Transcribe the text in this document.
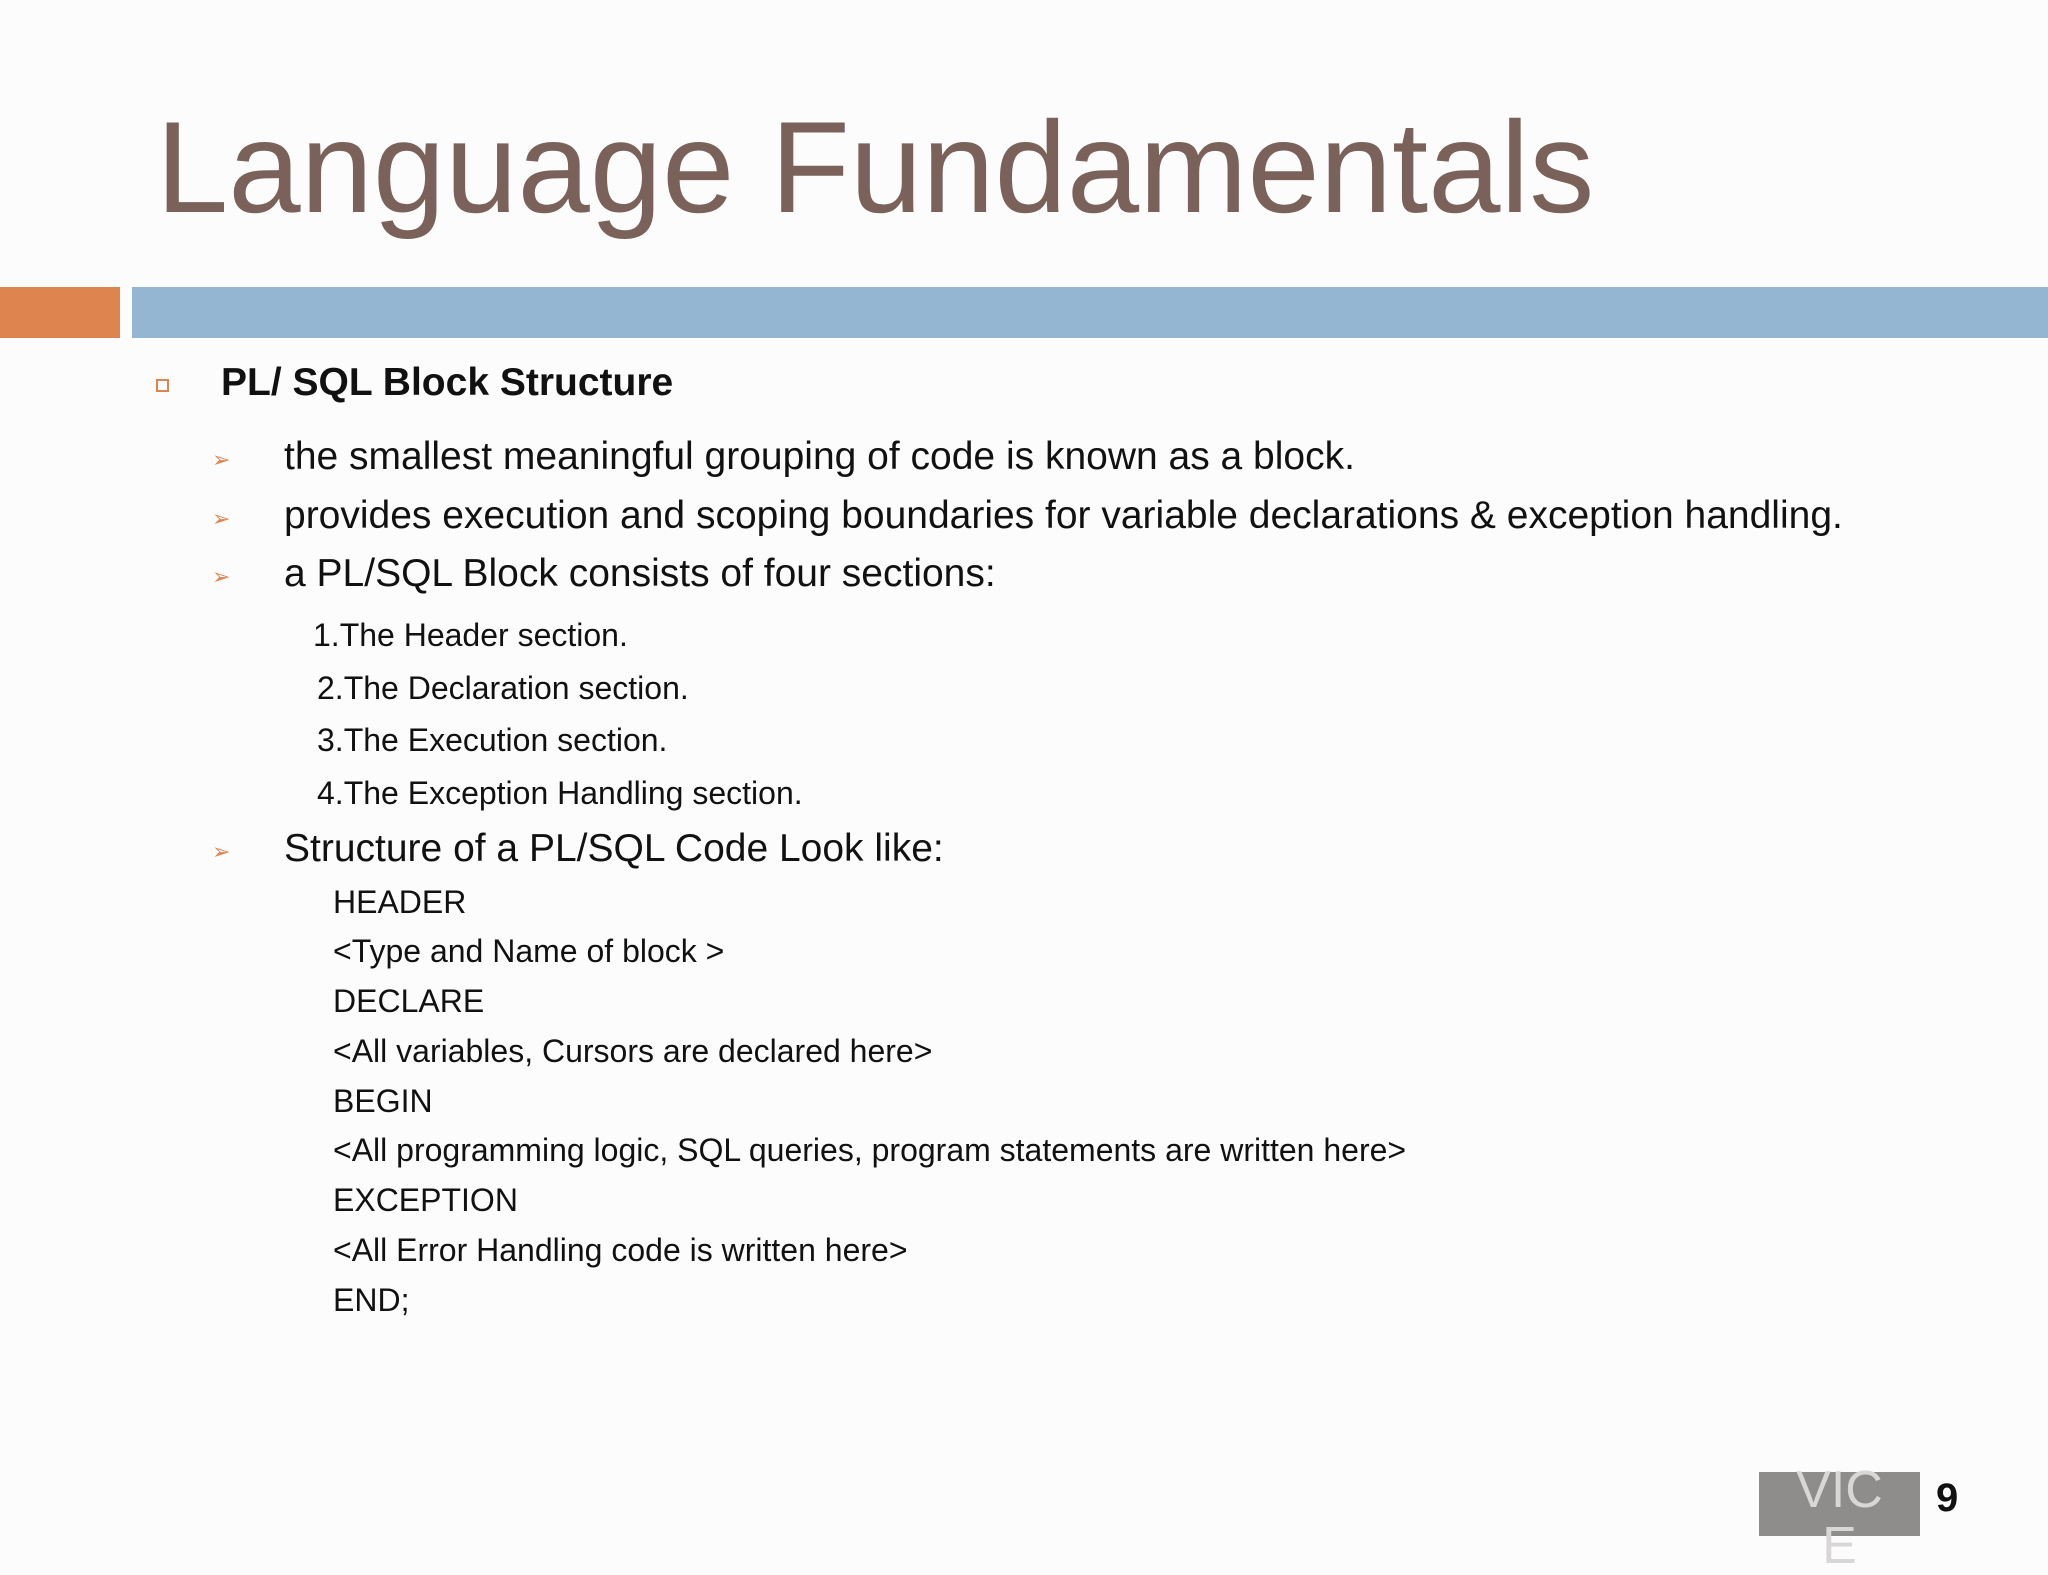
Language Fundamentals
PL/ SQL Block Structure
➢ the smallest meaningful grouping of code is known as a block.
➢ provides execution and scoping boundaries for variable declarations & exception handling.
➢ a PL/SQL Block consists of four sections:
1.The Header section.
2.The Declaration section.
3.The Execution section.
4.The Exception Handling section.
➢ Structure of a PL/SQL Code Look like:
HEADER
<Type and Name of block >
DECLARE
<All variables, Cursors are declared here>
BEGIN
<All programming logic, SQL queries, program statements are written here>
EXCEPTION
<All Error Handling code is written here>
END;
VIC
E
9
